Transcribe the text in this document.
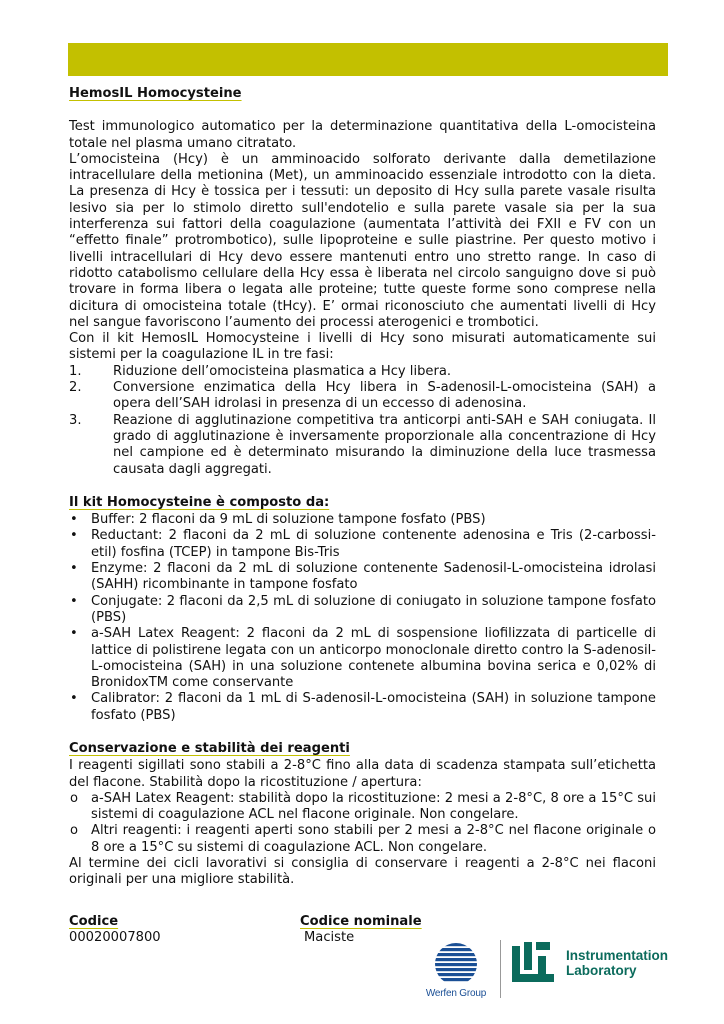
HemosIL Homocysteine

Test immunologico automatico per la determinazione quantitativa della L-omocisteina totale nel plasma umano citratato.

L’omocisteina (Hcy) è un amminoacido solforato derivante dalla demetilazione intracellulare della metionina (Met), un amminoacido essenziale introdotto con la dieta. La presenza di Hcy è tossica per i tessuti: un deposito di Hcy sulla parete vasale risulta lesivo sia per lo stimolo diretto sull'endotelio e sulla parete vasale sia per la sua interferenza sui fattori della coagulazione (aumentata l’attività dei FXII e FV con un “effetto finale” protrombotico), sulle lipoproteine e sulle piastrine. Per questo motivo i livelli intracellulari di Hcy devo essere mantenuti entro uno stretto range. In caso di ridotto catabolismo cellulare della Hcy essa è liberata nel circolo sanguigno dove si può trovare in forma libera o legata alle proteine; tutte queste forme sono comprese nella dicitura di omocisteina totale (tHcy). E’ ormai riconosciuto che aumentati livelli di Hcy nel sangue favoriscono l’aumento dei processi aterogenici e trombotici.

Con il kit HemosIL Homocysteine i livelli di Hcy sono misurati automaticamente sui sistemi per la coagulazione IL in tre fasi:

1.	Riduzione dell’omocisteina plasmatica a Hcy libera.
2.	Conversione enzimatica della Hcy libera in S-adenosil-L-omocisteina (SAH) a opera dell’SAH idrolasi in presenza di un eccesso di adenosina.
3.	Reazione di agglutinazione competitiva tra anticorpi anti-SAH e SAH coniugata. Il grado di agglutinazione è inversamente proporzionale alla concentrazione di Hcy nel campione ed è determinato misurando la diminuzione della luce trasmessa causata dagli aggregati.
Il kit Homocysteine è composto da:
•	Buffer: 2 flaconi da 9 mL di soluzione tampone fosfato (PBS)
•	Reductant: 2 flaconi da 2 mL di soluzione contenente adenosina e Tris (2-carbossi-etil) fosfina (TCEP) in tampone Bis-Tris
•	Enzyme: 2 flaconi da 2 mL di soluzione contenente Sadenosil-L-omocisteina idrolasi (SAHH) ricombinante in tampone fosfato
•	Conjugate: 2 flaconi da 2,5 mL di soluzione di coniugato in soluzione tampone fosfato (PBS)
•	a-SAH Latex Reagent: 2 flaconi da 2 mL di sospensione liofilizzata di particelle di lattice di polistirene legata con un anticorpo monoclonale diretto contro la S-adenosil-L-omocisteina (SAH) in una soluzione contenete albumina bovina serica e 0,02% di BronidoxTM come conservante
•	Calibrator: 2 flaconi da 1 mL di S-adenosil-L-omocisteina (SAH) in soluzione tampone fosfato (PBS)
Conservazione e stabilità dei reagenti

I reagenti sigillati sono stabili a 2-8°C fino alla data di scadenza stampata sull’etichetta del flacone. Stabilità dopo la ricostituzione / apertura:

o a-SAH Latex Reagent: stabilità dopo la ricostituzione: 2 mesi a 2-8°C, 8 ore a 15°C sui sistemi di coagulazione ACL nel flacone originale. Non congelare.
o Altri reagenti: i reagenti aperti sono stabili per 2 mesi a 2-8°C nel flacone originale o 8 ore a 15°C su sistemi di coagulazione ACL. Non congelare.

Al termine dei cicli lavorativi si consiglia di conservare i reagenti a 2-8°C nei flaconi originali per una migliore stabilità.

Codice
00020007800
Codice nominale
Maciste
Werfen Group
Instrumentation
Laboratory
